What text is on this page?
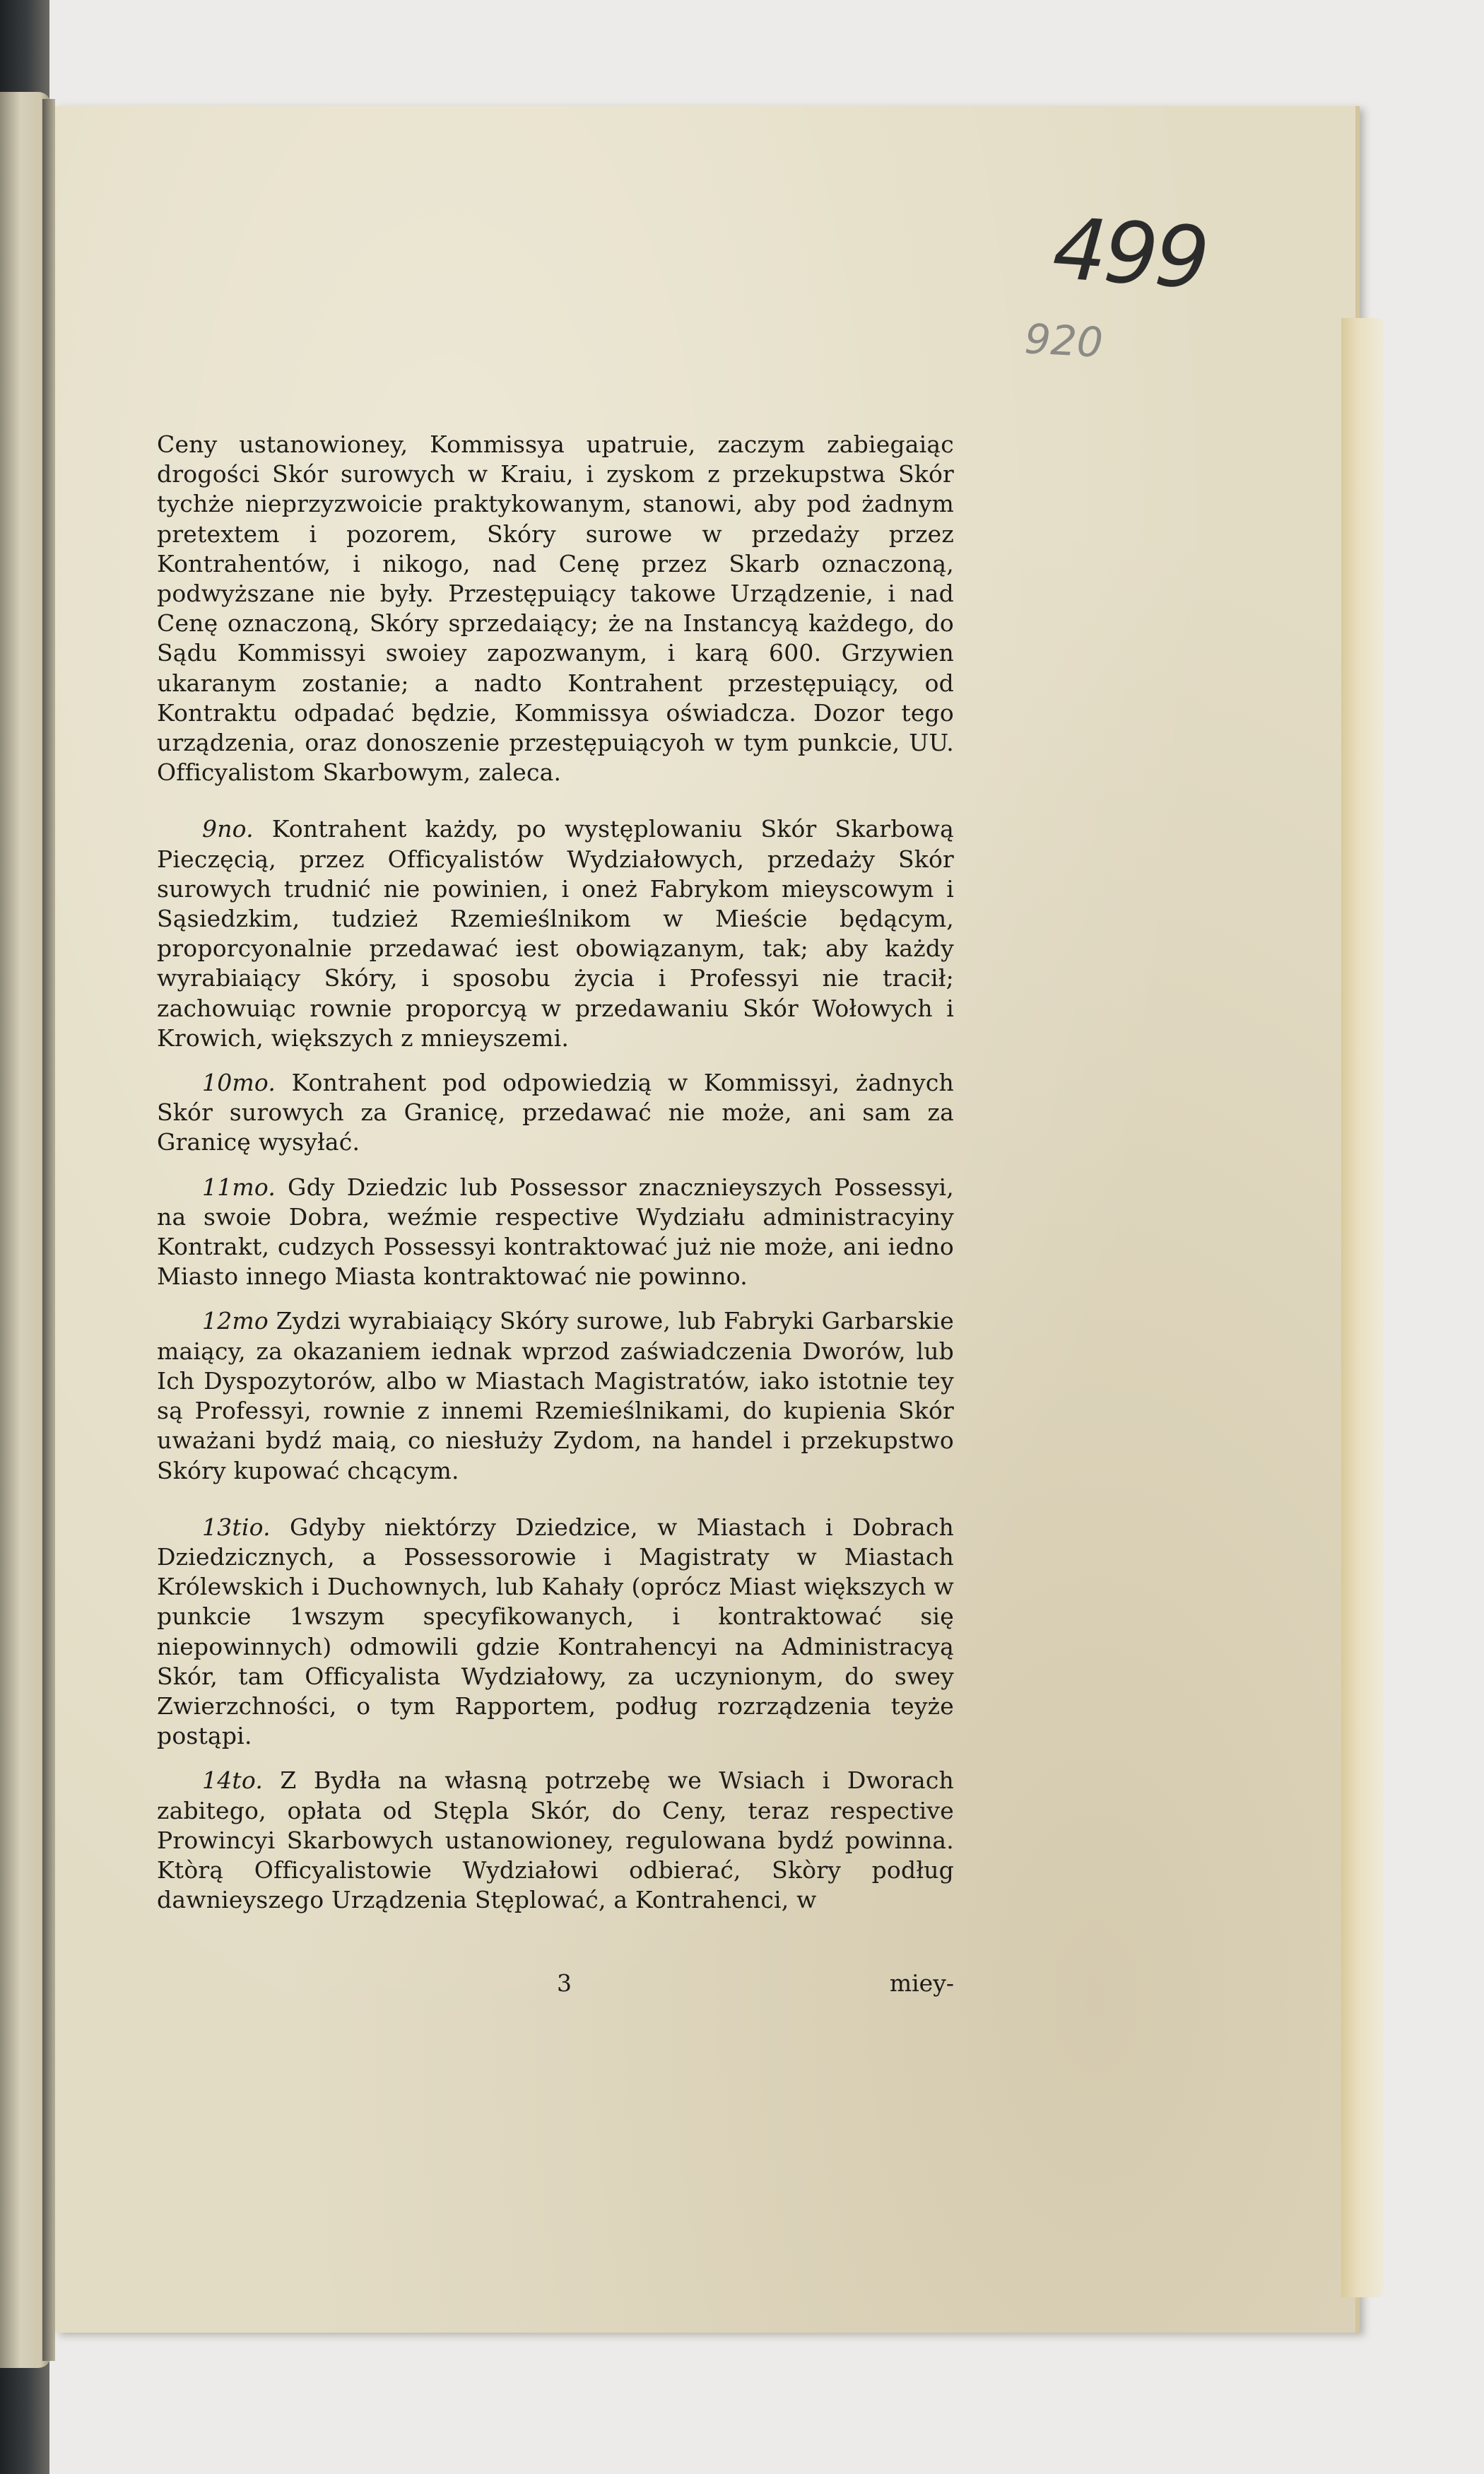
499
920

Ceny ustanowioney, Kommissya upatruie, zaczym zabiegaiąc drogości Skór surowych w Kraiu, i zyskom z przekupstwa Skór tychże nieprzyzwoicie praktykowanym, stanowi, aby pod żadnym pretextem i pozorem, Skóry surowe w przedaży przez Kontrahentów, i nikogo, nad Cenę przez Skarb oznaczoną, podwyższane nie były. Przestępuiący takowe Urządzenie, i nad Cenę oznaczoną, Skóry sprzedaiący; że na Instancyą każdego, do Sądu Kommissyi swoiey zapozwanym, i karą 600. Grzywien ukaranym zostanie; a nadto Kontrahent przestępuiący, od Kontraktu odpadać będzie, Kommissya oświadcza. Dozor tego urządzenia, oraz donoszenie przestępuiącyoh w tym punkcie, UU. Officyalistom Skarbowym, zaleca.

9no. Kontrahent każdy, po występlowaniu Skór Skarbową Pieczęcią, przez Officyalistów Wydziałowych, przedaży Skór surowych trudnić nie powinien, i oneż Fabrykom mieyscowym i Sąsiedzkim, tudzież Rzemieślnikom w Mieście będącym, proporcyonalnie przedawać iest obowiązanym, tak; aby każdy wyrabiaiący Skóry, i sposobu życia i Professyi nie tracił; zachowuiąc rownie proporcyą w przedawaniu Skór Wołowych i Krowich, większych z mnieyszemi.

10mo. Kontrahent pod odpowiedzią w Kommissyi, żadnych Skór surowych za Granicę, przedawać nie może, ani sam za Granicę wysyłać.

11mo. Gdy Dziedzic lub Possessor znacznieyszych Possessyi, na swoie Dobra, weźmie respective Wydziału administracyiny Kontrakt, cudzych Possessyi kontraktować już nie może, ani iedno Miasto innego Miasta kontraktować nie powinno.

12mo Zydzi wyrabiaiący Skóry surowe, lub Fabryki Garbarskie maiący, za okazaniem iednak wprzod zaświadczenia Dworów, lub Ich Dyspozytorów, albo w Miastach Magistratów, iako istotnie tey są Professyi, rownie z innemi Rzemieślnikami, do kupienia Skór uważani bydź maią, co niesłuży Zydom, na handel i przekupstwo Skóry kupować chcącym.

13tio. Gdyby niektórzy Dziedzice, w Miastach i Dobrach Dziedzicznych, a Possessorowie i Magistraty w Miastach Królewskich i Duchownych, lub Kahały (oprócz Miast większych w punkcie 1wszym specyfikowanych, i kontraktować się niepowinnych) odmowili gdzie Kontrahencyi na Administracyą Skór, tam Officyalista Wydziałowy, za uczynionym, do swey Zwierzchności, o tym Rapportem, podług rozrządzenia teyże postąpi.

14to. Z Bydła na własną potrzebę we Wsiach i Dworach zabitego, opłata od Stępla Skór, do Ceny, teraz respective Prowincyi Skarbowych ustanowioney, regulowana bydź powinna. Ktòrą Officyalistowie Wydziałowi odbierać, Skòry podług dawnieyszego Urządzenia Stęplować, a Kontrahenci, w

3	miey-
